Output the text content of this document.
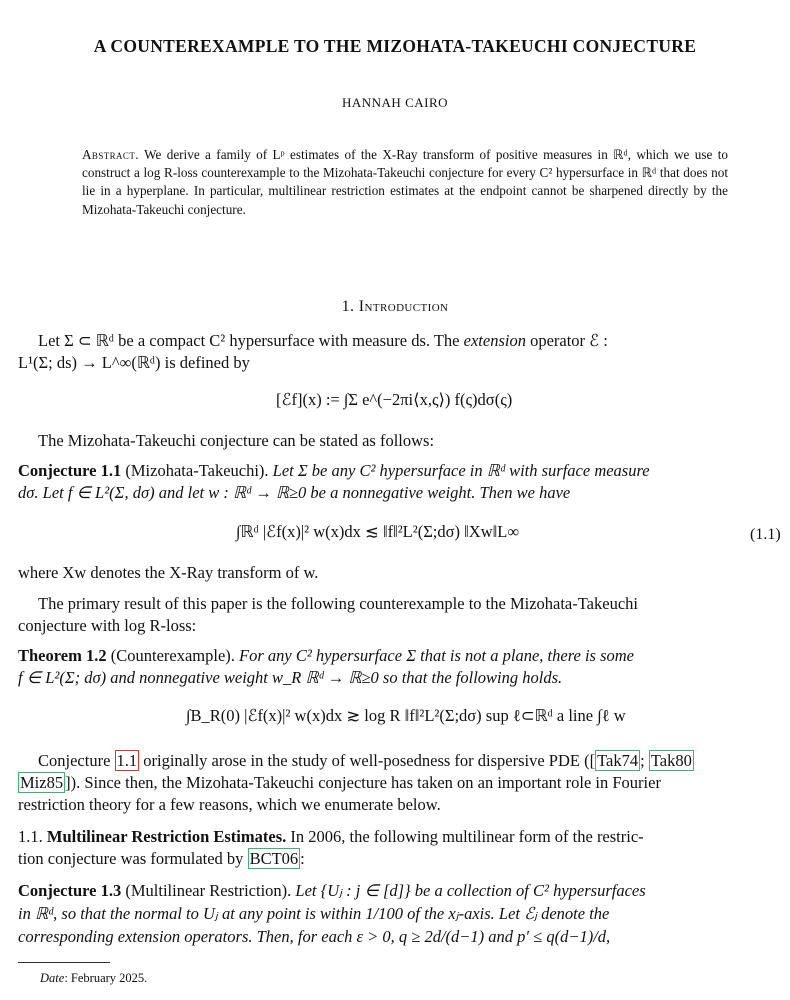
A COUNTEREXAMPLE TO THE MIZOHATA-TAKEUCHI CONJECTURE
HANNAH CAIRO
Abstract. We derive a family of Lᵖ estimates of the X-Ray transform of positive measures in ℝᵈ, which we use to construct a log R-loss counterexample to the Mizohata-Takeuchi conjecture for every C² hypersurface in ℝᵈ that does not lie in a hyperplane. In particular, multilinear restriction estimates at the endpoint cannot be sharpened directly by the Mizohata-Takeuchi conjecture.
1. Introduction
Let Σ ⊂ ℝᵈ be a compact C² hypersurface with measure ds. The extension operator ℰ :
L¹(Σ; ds) → L^∞(ℝᵈ) is defined by
[ℰf](x) := ∫Σ e^(−2πi⟨x,ς⟩) f(ς)dσ(ς)
The Mizohata-Takeuchi conjecture can be stated as follows:
Conjecture 1.1 (Mizohata-Takeuchi). Let Σ be any C² hypersurface in ℝᵈ with surface measure
dσ. Let f ∈ L²(Σ, dσ) and let w : ℝᵈ → ℝ≥0 be a nonnegative weight. Then we have
∫ℝᵈ |ℰf(x)|² w(x)dx ≲ ‖f‖²L²(Σ;dσ) ‖Xw‖L∞	(1.1)
where Xw denotes the X-Ray transform of w.
The primary result of this paper is the following counterexample to the Mizohata-Takeuchi
conjecture with log R-loss:
Theorem 1.2 (Counterexample). For any C² hypersurface Σ that is not a plane, there is some
f ∈ L²(Σ; dσ) and nonnegative weight w_R ℝᵈ → ℝ≥0 so that the following holds.
∫B_R(0) |ℰf(x)|² w(x)dx ≳ log R ‖f‖²L²(Σ;dσ) sup ℓ⊂ℝᵈ a line ∫ℓ w
Conjecture 1.1 originally arose in the study of well-posedness for dispersive PDE ([ Tak74 ; Tak80
Miz85 ]). Since then, the Mizohata-Takeuchi conjecture has taken on an important role in Fourier
restriction theory for a few reasons, which we enumerate below.
1.1. Multilinear Restriction Estimates. In 2006, the following multilinear form of the restric-
tion conjecture was formulated by BCT06 :
Conjecture 1.3 (Multilinear Restriction). Let {Uⱼ : j ∈ [d]} be a collection of C² hypersurfaces
in ℝᵈ, so that the normal to Uⱼ at any point is within 1/100 of the xⱼ-axis. Let ℰⱼ denote the
corresponding extension operators. Then, for each ε > 0, q ≥ 2d/(d−1) and p′ ≤ q(d−1)/d,
Date: February 2025.
